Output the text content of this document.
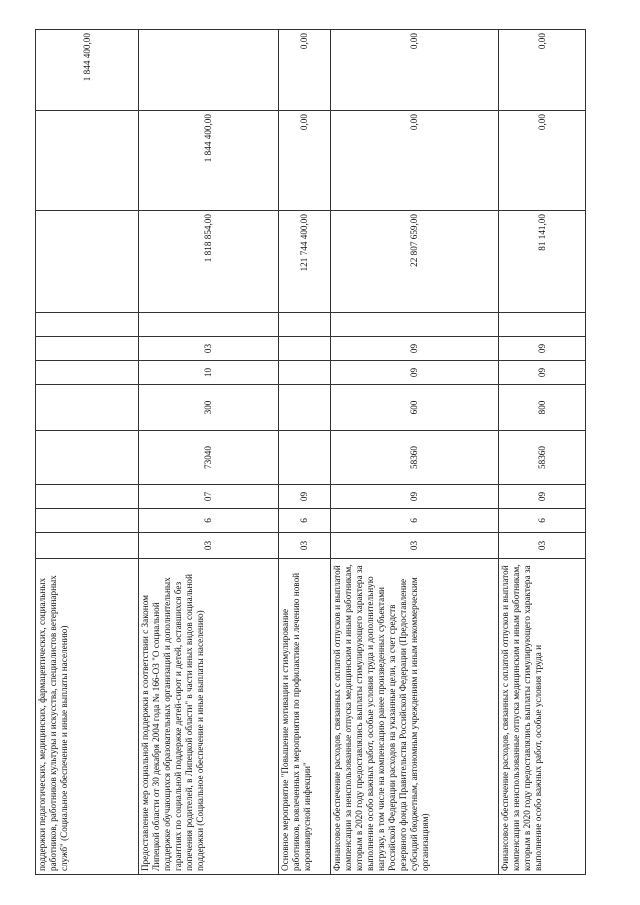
поддержки педагогических, медицинских, фармацевтических, социальных работников, работников культуры и искусства, специалистов ветеринарных служб" (Социальное обеспечение и иные выплаты населению)											1 844 400,00
Предоставление мер социальной поддержки в соответствии с Законом Липецкой области от 30 декабря 2004 года № 166-ОЗ "О социальной поддержке обучающихся образовательных организаций и дополнительных гарантиях по социальной поддержке детей-сирот и детей, оставшихся без попечения родителей, в Липецкой области" в части иных видов социальной поддержки (Социальное обеспечение и иные выплаты населению)	03	6	07	73040	300	10	03		1 818 854,00	1 844 400,00	
Основное мероприятие "Повышение мотивации и стимулирование работников, вовлеченных в мероприятия по профилактике и лечению новой коронавирусной инфекции"	03	6	09						121 744 400,00	0,00	0,00
Финансовое обеспечение расходов, связанных с оплатой отпусков и выплатой компенсации за неиспользованные отпуска медицинским и иным работникам, которым в 2020 году предоставлялись выплаты стимулирующего характера за выполнение особо важных работ, особые условия труда и дополнительную нагрузку, в том числе на компенсацию ранее произведенных субъектами Российской Федерации расходов на указанные цели, за счет средств резервного фонда Правительства Российской Федерации (Предоставление субсидий бюджетным, автономным учреждениям и иным некоммерческим организациям)	03	6	09	58360	600	09	09		22 807 659,00	0,00	0,00
Финансовое обеспечение расходов, связанных с оплатой отпусков и выплатой компенсации за неиспользованные отпуска медицинским и иным работникам, которым в 2020 году предоставлялись выплаты стимулирующего характера за выполнение особо важных работ, особые условия труда и	03	6	09	58360	800	09	09		81 141,00	0,00	0,00
